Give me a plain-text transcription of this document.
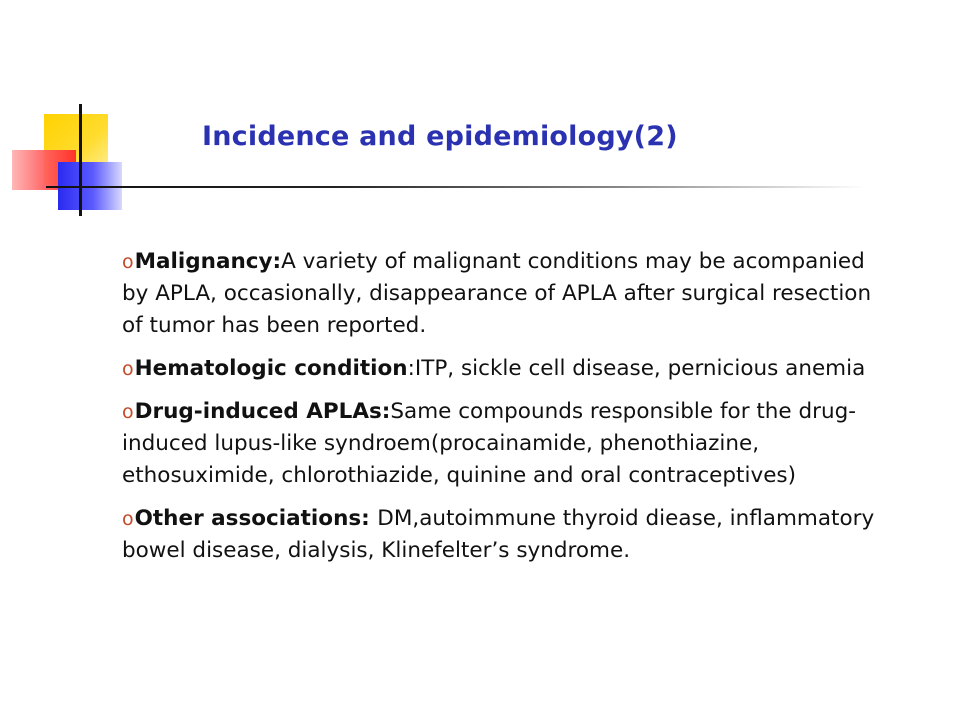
Incidence and epidemiology(2)

oMalignancy:A variety of malignant conditions may be acompanied by APLA, occasionally, disappearance of APLA after surgical resection of tumor has been reported.

oHematologic condition:ITP, sickle cell disease, pernicious anemia

oDrug-induced APLAs:Same compounds responsible for the drug-induced lupus-like syndroem(procainamide, phenothiazine, ethosuximide, chlorothiazide, quinine and oral contraceptives)

oOther associations: DM,autoimmune thyroid diease, inflammatory bowel disease, dialysis, Klinefelter’s syndrome.
